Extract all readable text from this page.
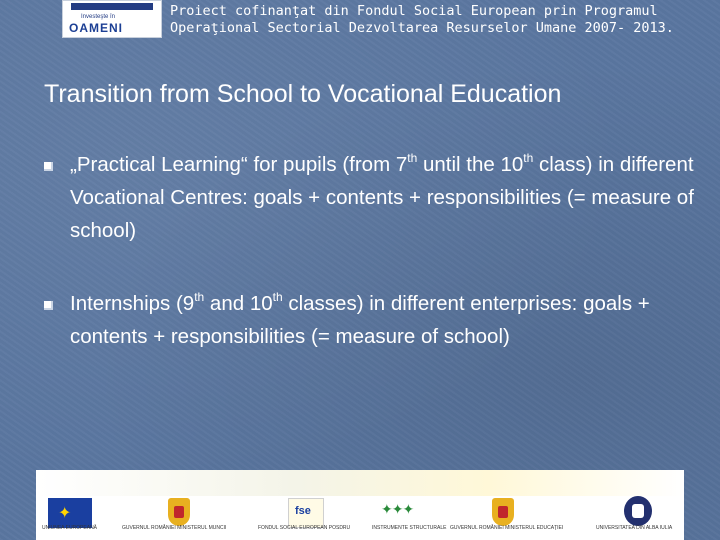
Investeşte în
OAMENI
Proiect cofinanţat din Fondul Social European prin Programul
Operaţional Sectorial Dezvoltarea Resurselor Umane 2007- 2013.
Transition from School to Vocational Education
„Practical Learning“ for pupils (from 7th until the 10th class) in different Vocational Centres: goals + contents + responsibilities (= measure of school)
Internships (9th and 10th classes) in different enterprises: goals + contents + responsibilities (= measure of school)
✦	fse	✦✦✦
UNIUNEA EUROPEANĂ	GUVERNUL ROMÂNIEI MINISTERUL MUNCII	FONDUL SOCIAL EUROPEAN POSDRU	INSTRUMENTE STRUCTURALE GUVERNUL ROMÂNIEI MINISTERUL EDUCAŢIEI	UNIVERSITATEA DIN ALBA IULIA
